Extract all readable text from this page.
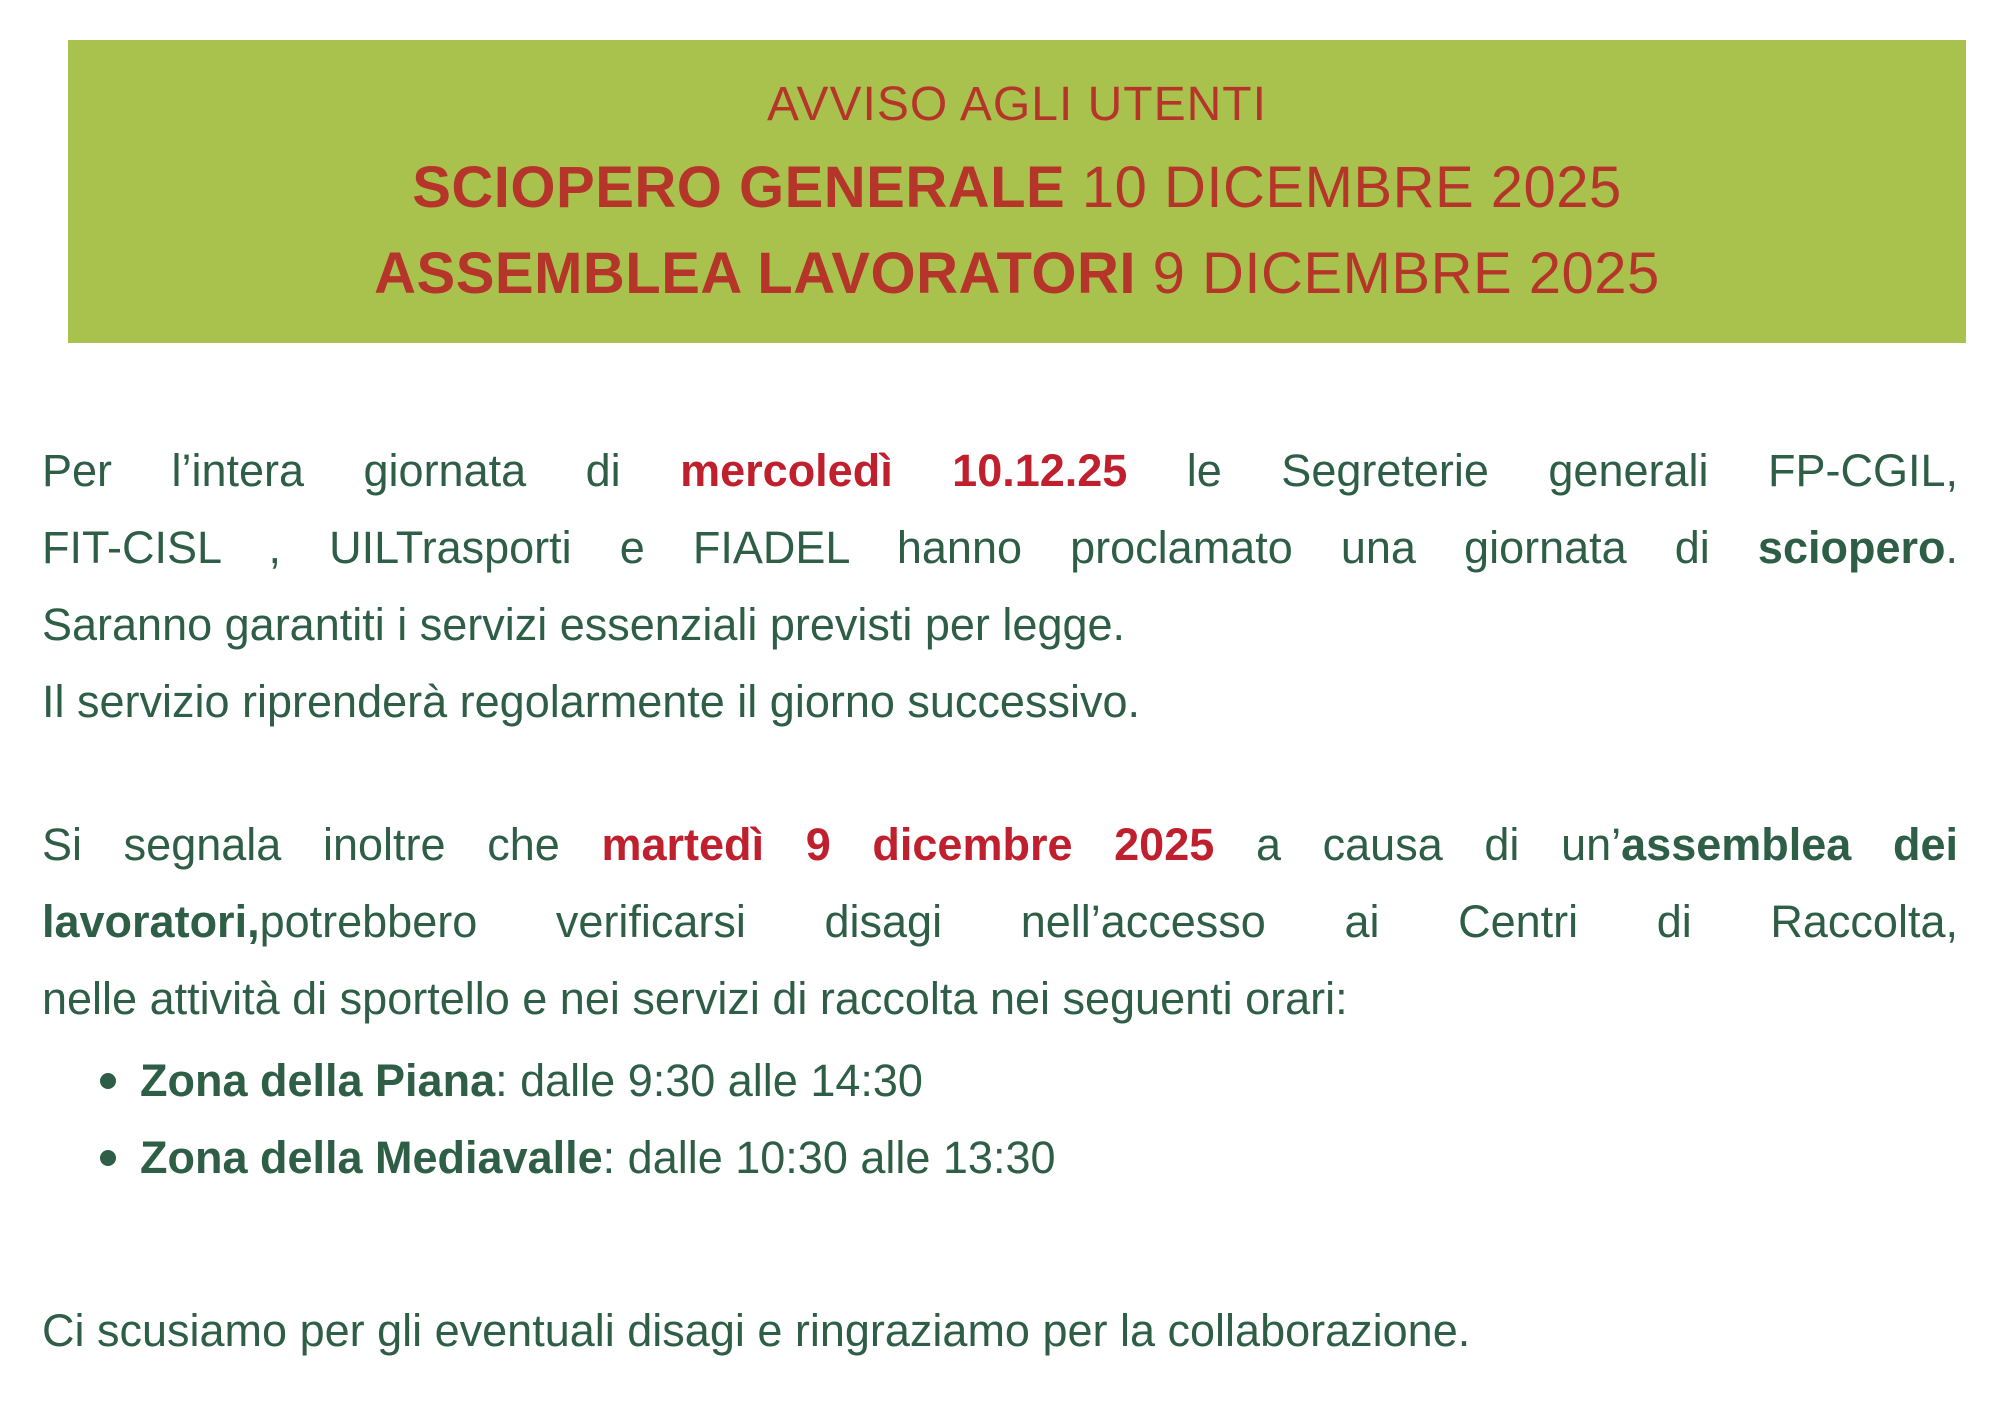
AVVISO AGLI UTENTI
SCIOPERO GENERALE 10 DICEMBRE 2025
ASSEMBLEA LAVORATORI 9 DICEMBRE 2025
Per l’intera giornata di mercoledì 10.12.25 le Segreterie generali FP-CGIL,
FIT-CISL , UILTrasporti e FIADEL hanno proclamato una giornata di sciopero.
Saranno garantiti i servizi essenziali previsti per legge.
Il servizio riprenderà regolarmente il giorno successivo.
Si segnala inoltre che martedì 9 dicembre 2025 a causa di un’assemblea dei
lavoratori,potrebbero verificarsi disagi nell’accesso ai Centri di Raccolta,
nelle attività di sportello e nei servizi di raccolta nei seguenti orari:
Zona della Piana: dalle 9:30 alle 14:30
Zona della Mediavalle: dalle 10:30 alle 13:30
Ci scusiamo per gli eventuali disagi e ringraziamo per la collaborazione.
